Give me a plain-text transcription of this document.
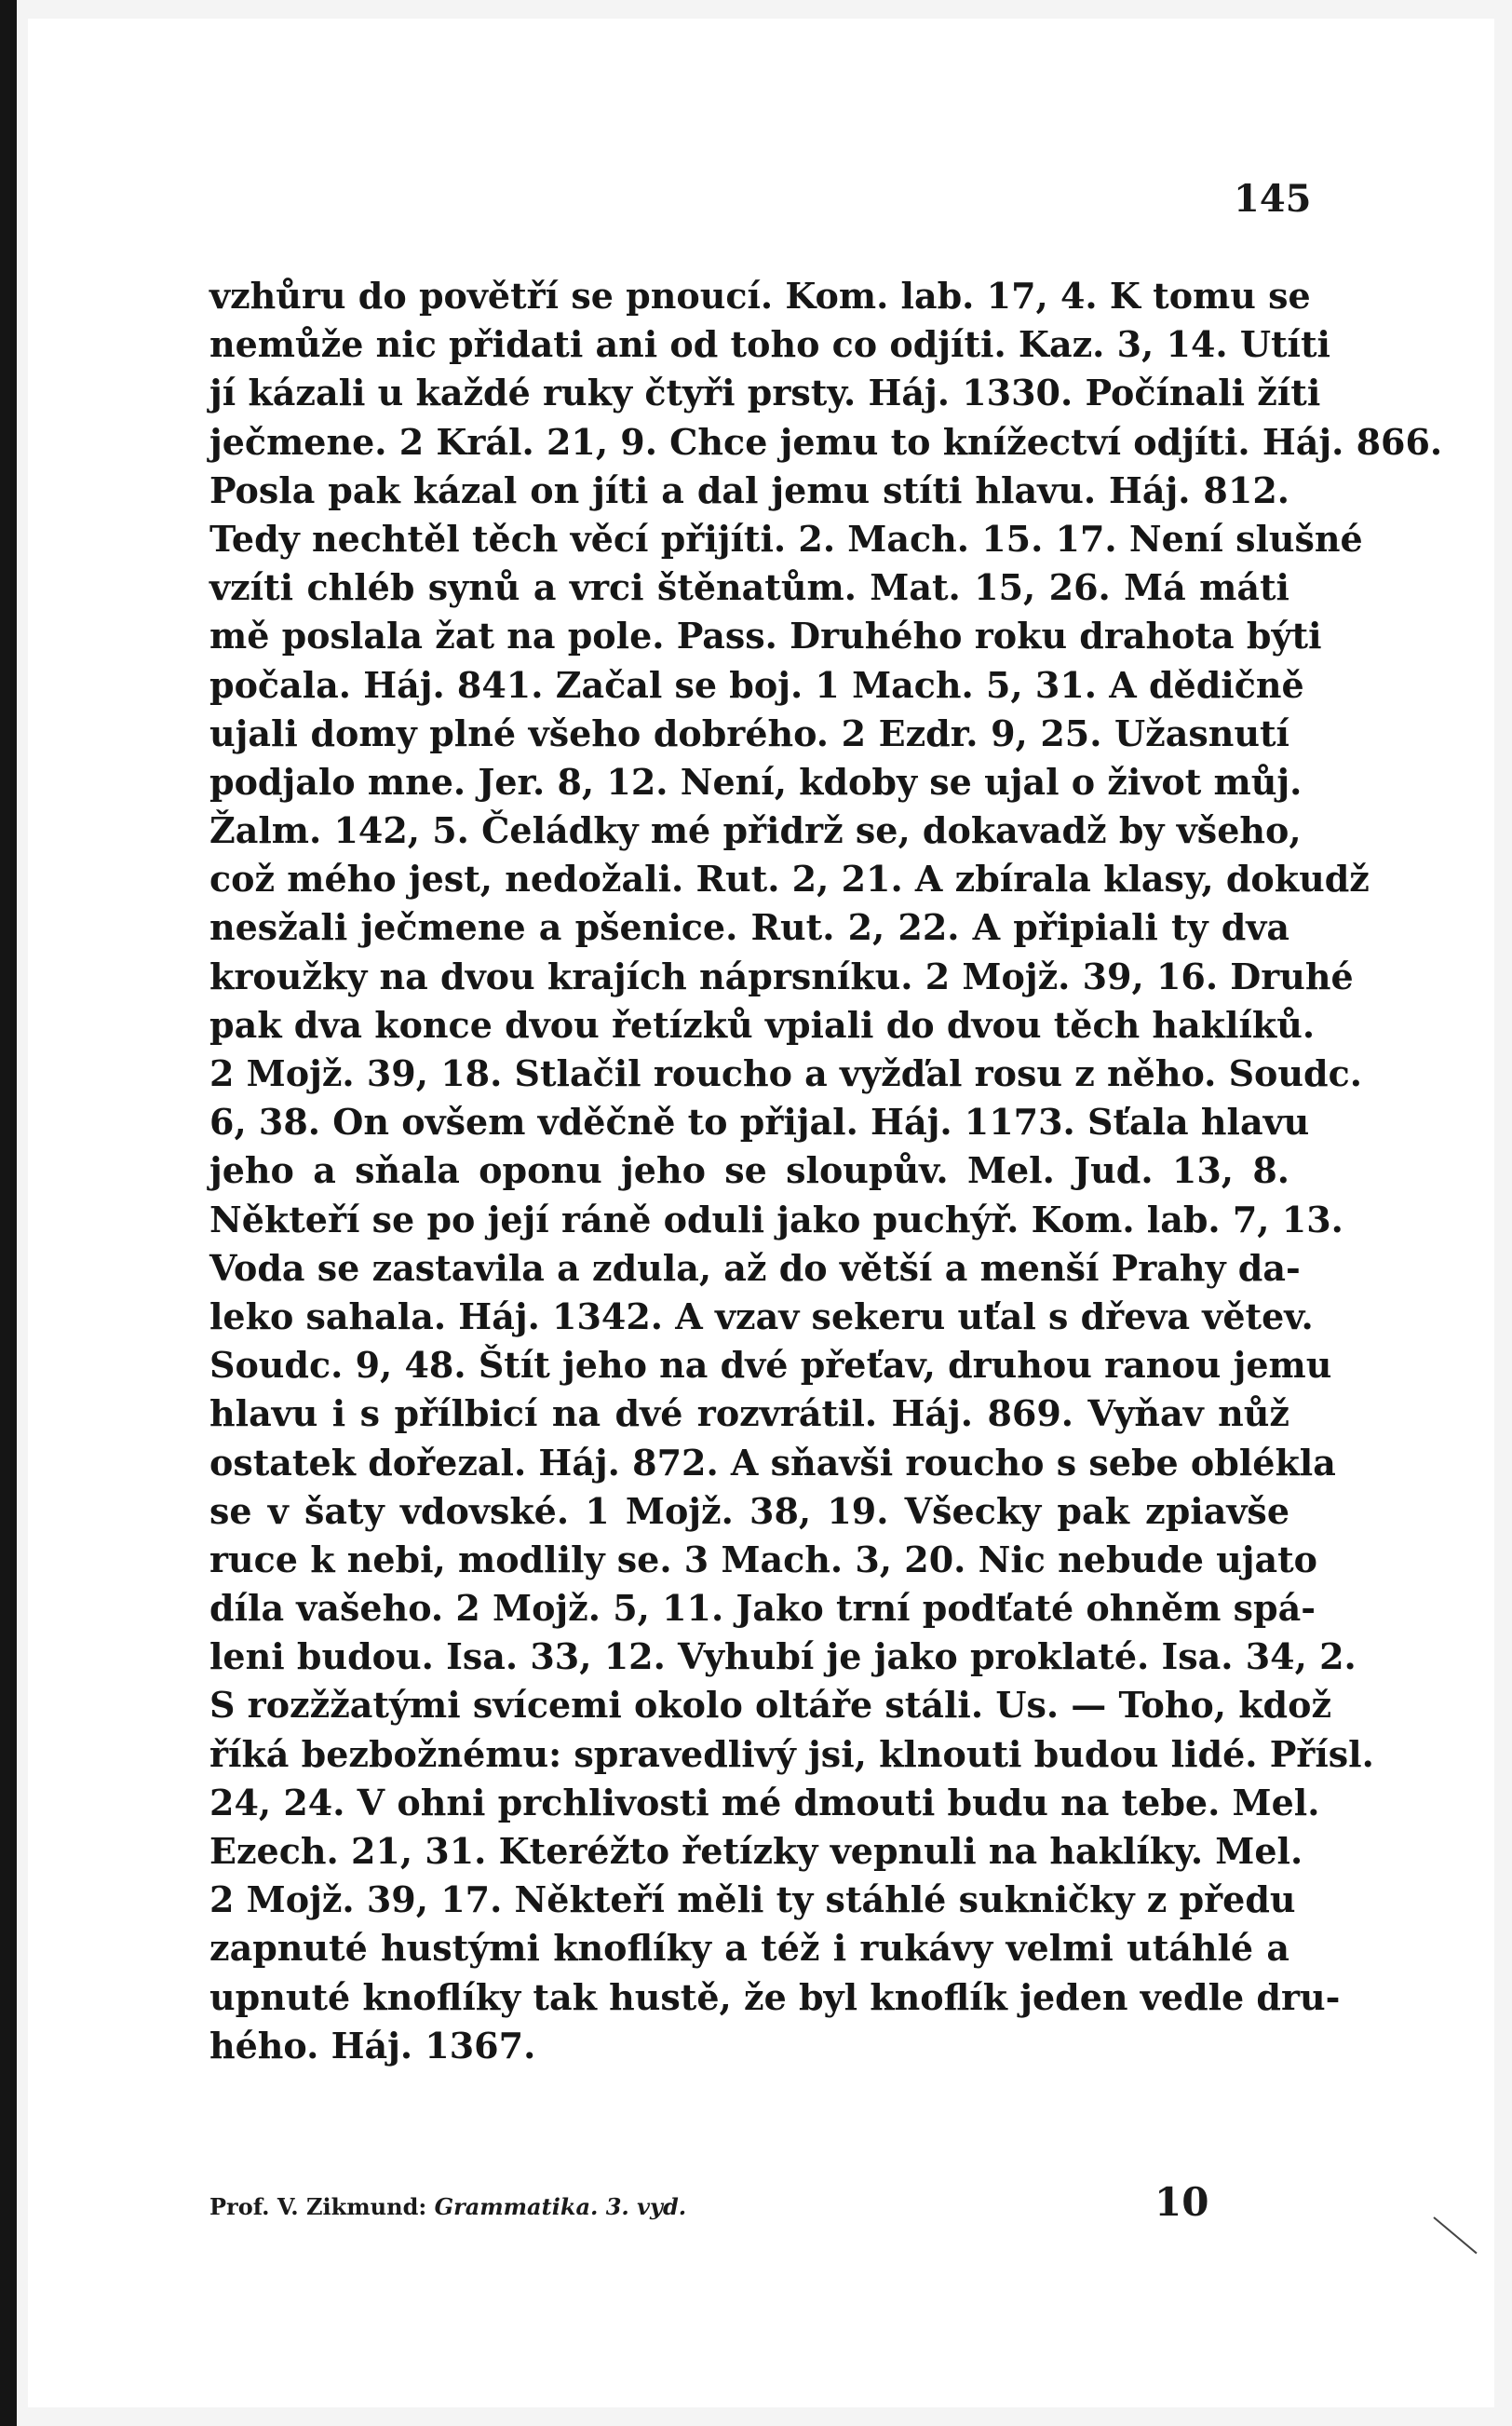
145
vzhůru do povětří se pnoucí. Kom. lab. 17, 4. K tomu se
nemůže nic přidati ani od toho co odjíti. Kaz. 3, 14. Utíti
jí kázali u každé ruky čtyři prsty. Háj. 1330. Počínali žíti
ječmene. 2 Král. 21, 9. Chce jemu to knížectví odjíti. Háj. 866.
Posla pak kázal on jíti a dal jemu stíti hlavu. Háj. 812.
Tedy nechtěl těch věcí přijíti. 2. Mach. 15. 17. Není slušné
vzíti chléb synů a vrci štěnatům. Mat. 15, 26. Má máti
mě poslala žat na pole. Pass. Druhého roku drahota býti
počala. Háj. 841. Začal se boj. 1 Mach. 5, 31. A dědičně
ujali domy plné všeho dobrého. 2 Ezdr. 9, 25. Užasnutí
podjalo mne. Jer. 8, 12. Není, kdoby se ujal o život můj.
Žalm. 142, 5. Čeládky mé přidrž se, dokavadž by všeho,
což mého jest, nedožali. Rut. 2, 21. A zbírala klasy, dokudž
nesžali ječmene a pšenice. Rut. 2, 22. A připiali ty dva
kroužky na dvou krajích náprsníku. 2 Mojž. 39, 16. Druhé
pak dva konce dvou řetízků vpiali do dvou těch haklíků.
2 Mojž. 39, 18. Stlačil roucho a vyžďal rosu z něho. Soudc.
6, 38. On ovšem vděčně to přijal. Háj. 1173. Sťala hlavu
jeho a sňala oponu jeho se sloupův. Mel. Jud. 13, 8.
Někteří se po její ráně oduli jako puchýř. Kom. lab. 7, 13.
Voda se zastavila a zdula, až do větší a menší Prahy da-
leko sahala. Háj. 1342. A vzav sekeru uťal s dřeva větev.
Soudc. 9, 48. Štít jeho na dvé přeťav, druhou ranou jemu
hlavu i s přílbicí na dvé rozvrátil. Háj. 869. Vyňav nůž
ostatek dořezal. Háj. 872. A sňavši roucho s sebe oblékla
se v šaty vdovské. 1 Mojž. 38, 19. Všecky pak zpiavše
ruce k nebi, modlily se. 3 Mach. 3, 20. Nic nebude ujato
díla vašeho. 2 Mojž. 5, 11. Jako trní podťaté ohněm spá-
leni budou. Isa. 33, 12. Vyhubí je jako proklaté. Isa. 34, 2.
S rozžžatými svícemi okolo oltáře stáli. Us. — Toho, kdož
říká bezbožnému: spravedlivý jsi, klnouti budou lidé. Přísl.
24, 24. V ohni prchlivosti mé dmouti budu na tebe. Mel.
Ezech. 21, 31. Kteréžto řetízky vepnuli na haklíky. Mel.
2 Mojž. 39, 17. Někteří měli ty stáhlé sukničky z předu
zapnuté hustými knoflíky a též i rukávy velmi utáhlé a
upnuté knoflíky tak hustě, že byl knoflík jeden vedle dru-
hého. Háj. 1367.
Prof. V. Zikmund: Grammatika. 3. vyd.	10
